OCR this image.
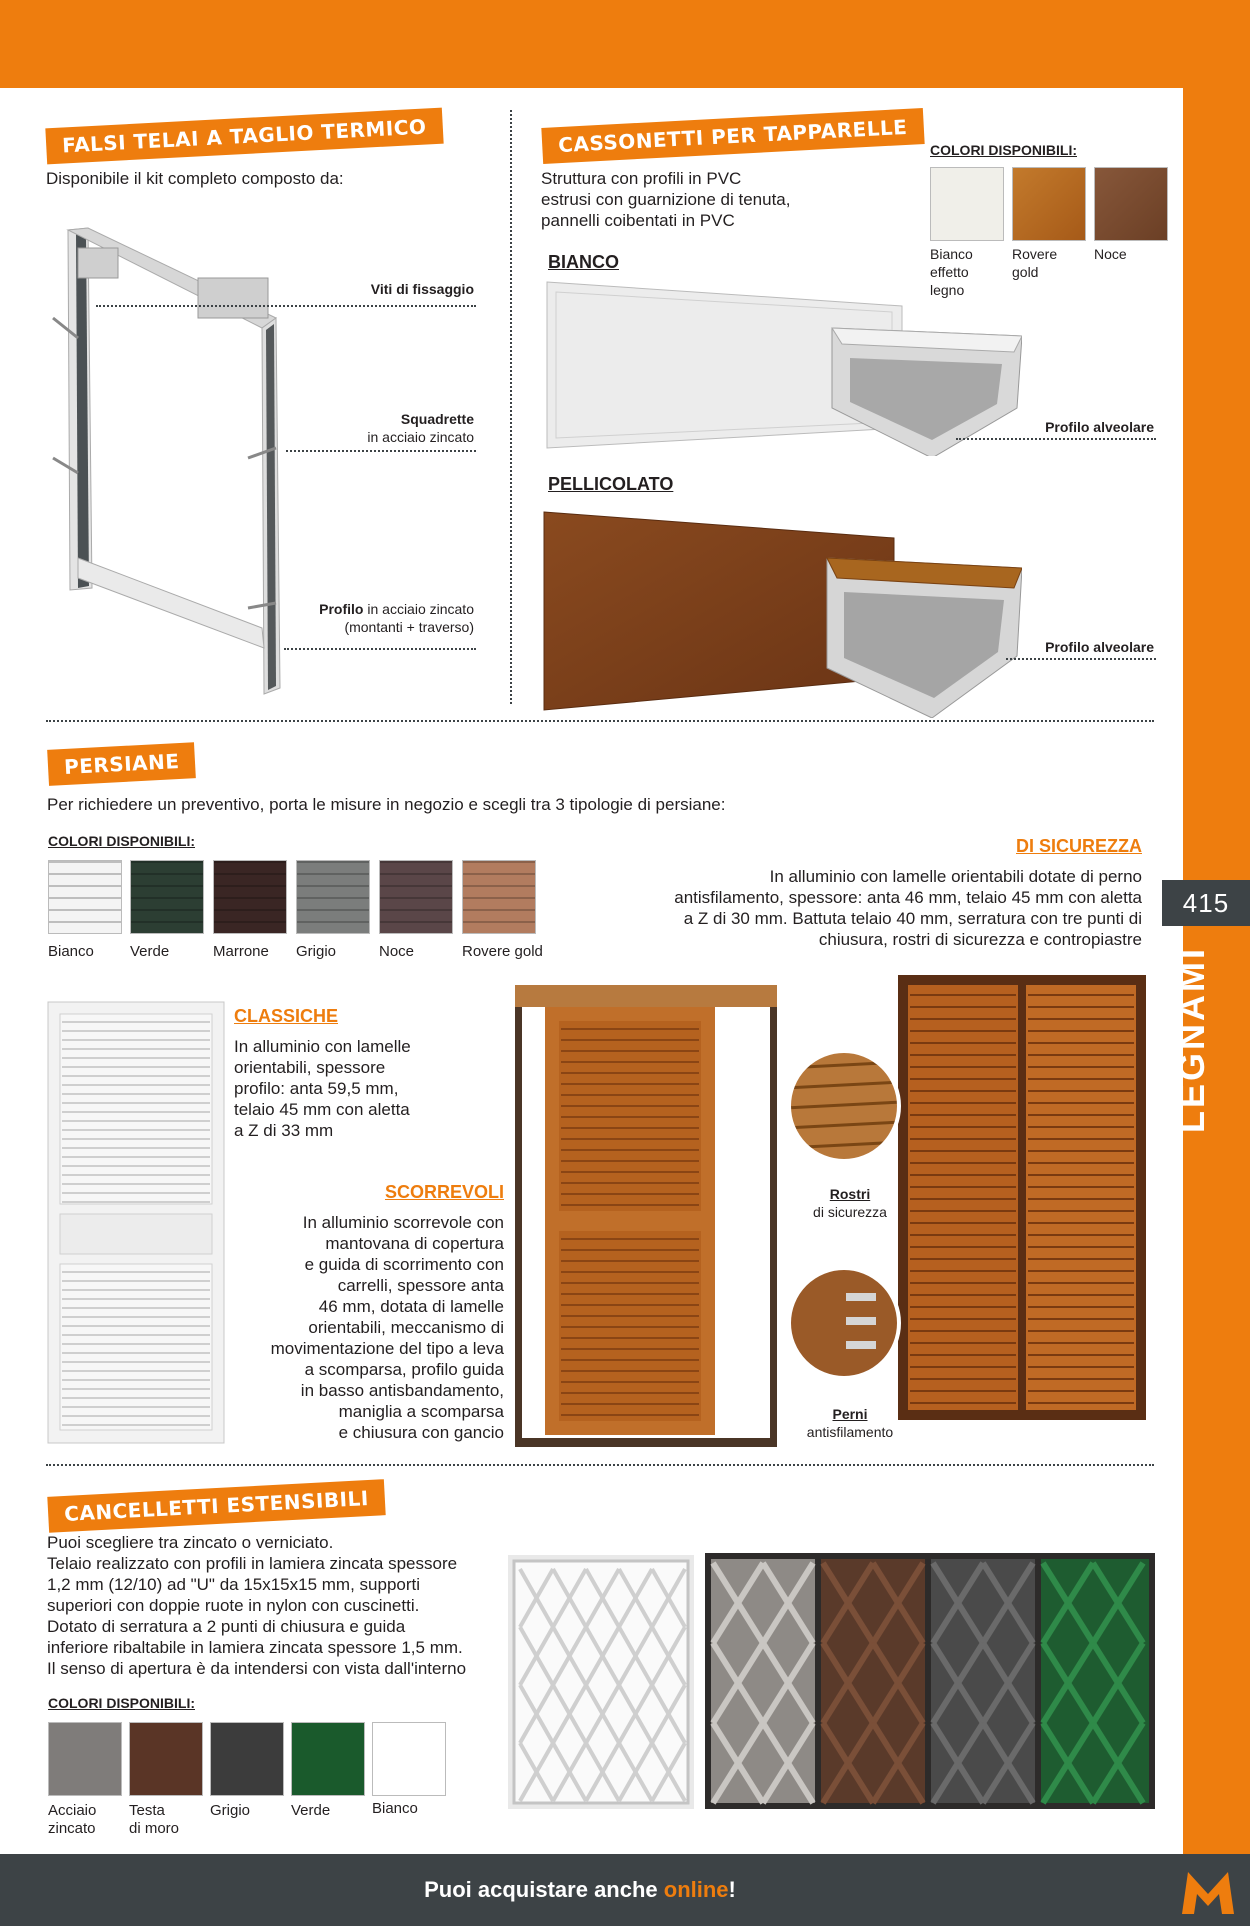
415
LEGNAMI
Puoi acquistare anche online!
FALSI TELAI A TAGLIO TERMICO
Disponibile il kit completo composto da:
Viti di fissaggio
Squadrette
in acciaio zincato
Profilo in acciaio zincato
(montanti + traverso)
CASSONETTI PER TAPPARELLE
Struttura con profili in PVC
estrusi con guarnizione di tenuta,
pannelli coibentati in PVC
COLORI DISPONIBILI:
Bianco
effetto
legno
Rovere
gold
Noce
BIANCO
PELLICOLATO
Profilo alveolare
Profilo alveolare
PERSIANE
Per richiedere un preventivo, porta le misure in negozio e scegli tra 3 tipologie di persiane:
COLORI DISPONIBILI:
Bianco Verde	Marrone Grigio	Noce	Rovere gold
DI SICUREZZA
In alluminio con lamelle orientabili dotate di perno
antisfilamento, spessore: anta 46 mm, telaio 45 mm con aletta
a Z di 30 mm. Battuta telaio 40 mm, serratura con tre punti di
chiusura, rostri di sicurezza e contropiastre
CLASSICHE
In alluminio con lamelle
orientabili, spessore
profilo: anta 59,5 mm,
telaio 45 mm con aletta
a Z di 33 mm
SCORREVOLI
In alluminio scorrevole con
mantovana di copertura
e guida di scorrimento con
carrelli, spessore anta
46 mm, dotata di lamelle
orientabili, meccanismo di
movimentazione del tipo a leva
a scomparsa, profilo guida
in basso antisbandamento,
maniglia a scomparsa
e chiusura con gancio
Rostri
di sicurezza
Perni
antisfilamento
CANCELLETTI ESTENSIBILI
Puoi scegliere tra zincato o verniciato.
Telaio realizzato con profili in lamiera zincata spessore
1,2 mm (12/10) ad "U" da 15x15x15 mm, supporti
superiori con doppie ruote in nylon con cuscinetti.
Dotato di serratura a 2 punti di chiusura e guida
inferiore ribaltabile in lamiera zincata spessore 1,5 mm.
Il senso di apertura è da intendersi con vista dall'interno
COLORI DISPONIBILI:
Acciaio
zincato
Testa
di moro
Grigio	Verde	Bianco
